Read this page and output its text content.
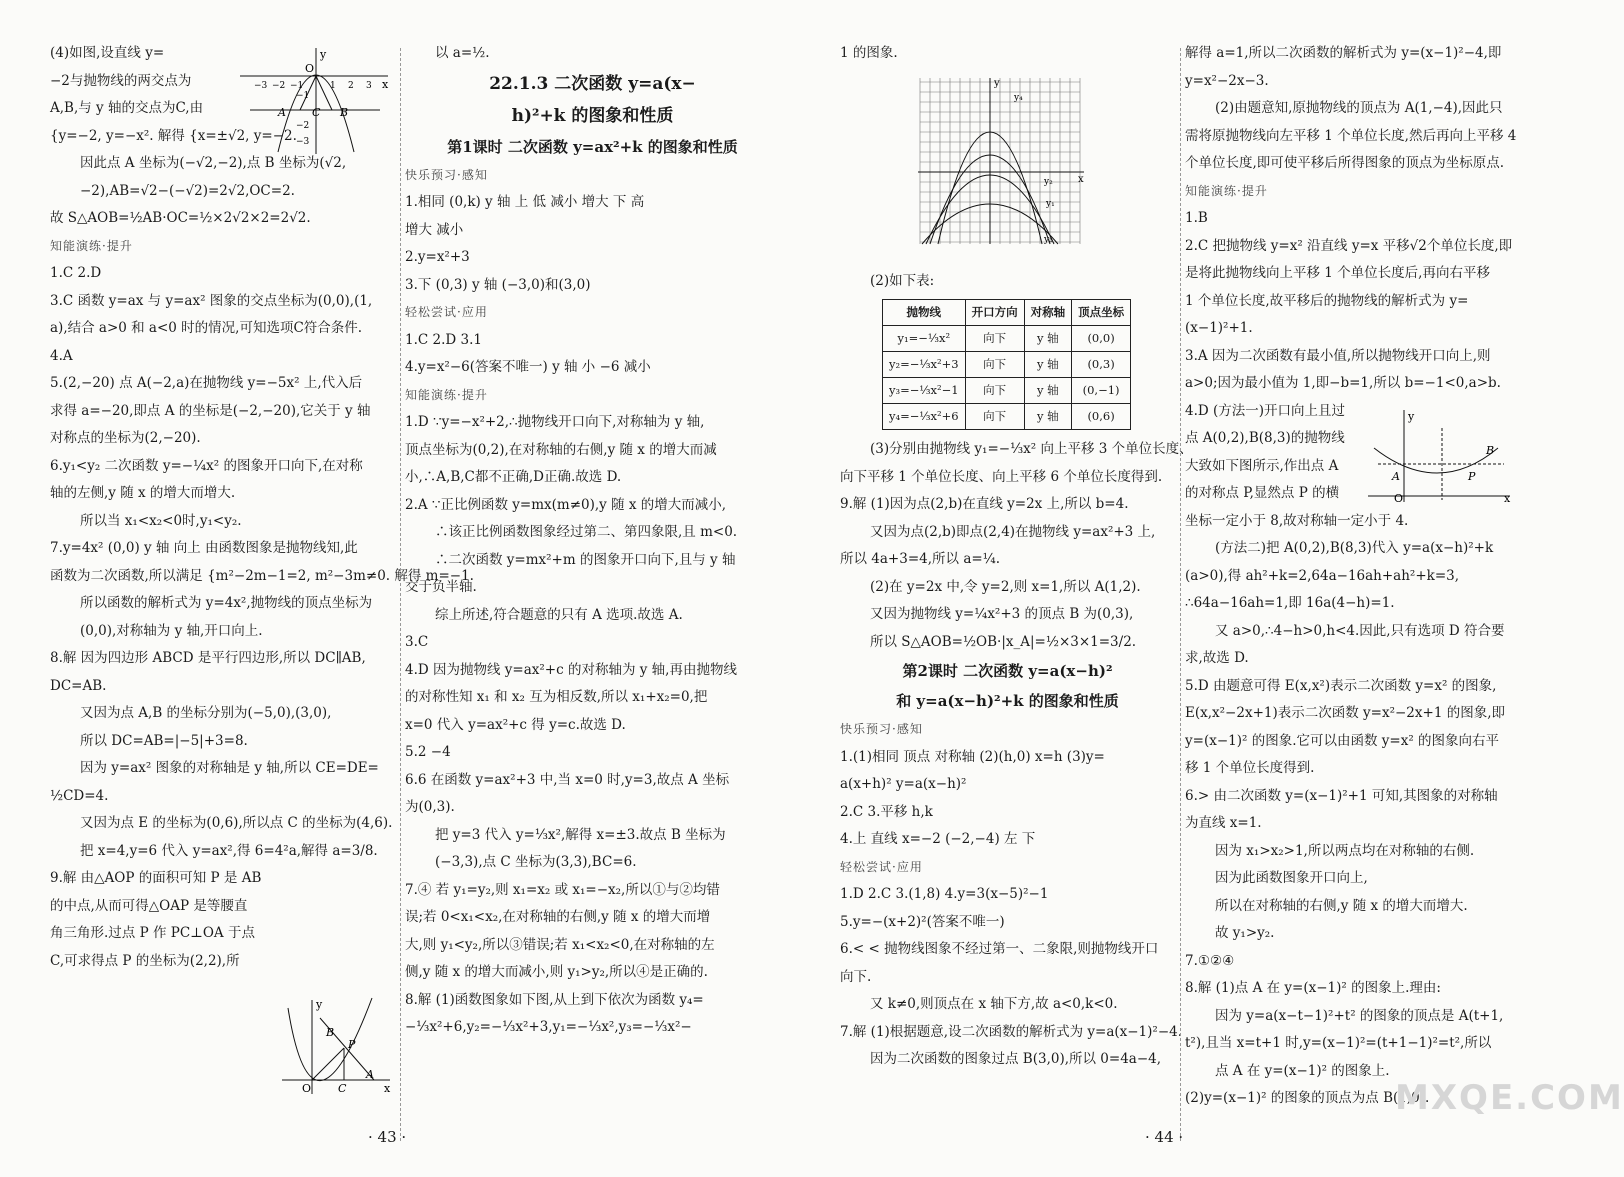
(4)如图,设直线 y=

−2与抛物线的两交点为

A,B,与 y 轴的交点为C,由

{y=−2, y=−x². 解得 {x=±√2, y=−2.

因此点 A 坐标为(−√2,−2),点 B 坐标为(√2,

−2),AB=√2−(−√2)=2√2,OC=2.

故 S△AOB=½AB·OC=½×2√2×2=2√2.

知能演练·提升

1.C 2.D

3.C 函数 y=ax 与 y=ax² 图象的交点坐标为(0,0),(1,

a),结合 a>0 和 a<0 时的情况,可知选项C符合条件.

4.A

5.(2,−20) 点 A(−2,a)在抛物线 y=−5x² 上,代入后

求得 a=−20,即点 A 的坐标是(−2,−20),它关于 y 轴

对称点的坐标为(2,−20).

6.y₁<y₂ 二次函数 y=−¼x² 的图象开口向下,在对称

轴的左侧,y 随 x 的增大而增大.

所以当 x₁<x₂<0时,y₁<y₂.

7.y=4x² (0,0) y 轴 向上 由函数图象是抛物线知,此

函数为二次函数,所以满足 {m²−2m−1=2, m²−3m≠0. 解得 m=−1.

所以函数的解析式为 y=4x²,抛物线的顶点坐标为

(0,0),对称轴为 y 轴,开口向上.

8.解 因为四边形 ABCD 是平行四边形,所以 DC∥AB,

DC=AB.

又因为点 A,B 的坐标分别为(−5,0),(3,0),

所以 DC=AB=|−5|+3=8.

因为 y=ax² 图象的对称轴是 y 轴,所以 CE=DE=

½CD=4.

又因为点 E 的坐标为(0,6),所以点 C 的坐标为(4,6).

把 x=4,y=6 代入 y=ax²,得 6=4²a,解得 a=3/8.

9.解 由△AOP 的面积可知 P 是 AB

的中点,从而可得△OAP 是等腰直

角三角形.过点 P 作 PC⊥OA 于点

C,可求得点 P 的坐标为(2,2),所

以 a=½.

22.1.3 二次函数 y=a(x−

h)²+k 的图象和性质

第1课时 二次函数 y=ax²+k 的图象和性质

快乐预习·感知

1.相同 (0,k) y 轴 上 低 减小 增大 下 高

增大 减小

2.y=x²+3

3.下 (0,3) y 轴 (−3,0)和(3,0)

轻松尝试·应用

1.C 2.D 3.1

4.y=x²−6(答案不唯一) y 轴 小 −6 减小

知能演练·提升

1.D ∵y=−x²+2,∴抛物线开口向下,对称轴为 y 轴,

顶点坐标为(0,2),在对称轴的右侧,y 随 x 的增大而减

小,∴A,B,C都不正确,D正确.故选 D.

2.A ∵正比例函数 y=mx(m≠0),y 随 x 的增大而减小,

∴该正比例函数图象经过第二、第四象限,且 m<0.

∴二次函数 y=mx²+m 的图象开口向下,且与 y 轴

交于负半轴.

综上所述,符合题意的只有 A 选项.故选 A.

3.C

4.D 因为抛物线 y=ax²+c 的对称轴为 y 轴,再由抛物线

的对称性知 x₁ 和 x₂ 互为相反数,所以 x₁+x₂=0,把

x=0 代入 y=ax²+c 得 y=c.故选 D.

5.2 −4

6.6 在函数 y=ax²+3 中,当 x=0 时,y=3,故点 A 坐标

为(0,3).

把 y=3 代入 y=⅓x²,解得 x=±3.故点 B 坐标为

(−3,3),点 C 坐标为(3,3),BC=6.

7.④ 若 y₁=y₂,则 x₁=x₂ 或 x₁=−x₂,所以①与②均错

误;若 0<x₁<x₂,在对称轴的右侧,y 随 x 的增大而增

大,则 y₁<y₂,所以③错误;若 x₁<x₂<0,在对称轴的左

侧,y 随 x 的增大而减小,则 y₁>y₂,所以④是正确的.

8.解 (1)函数图象如下图,从上到下依次为函数 y₄=

−⅓x²+6,y₂=−⅓x²+3,y₁=−⅓x²,y₃=−⅓x²−

y
x
O
−3 −2 −1	1 2 3
−1
−2
−3
A C B
y
x
O
B
P
C
A
· 43 ·

1 的图象.

(2)如下表:

抛物线	开口方向	对称轴	顶点坐标
y₁=−⅓x²	向下	y 轴	(0,0)
y₂=−⅓x²+3	向下	y 轴	(0,3)
y₃=−⅓x²−1	向下	y 轴	(0,−1)
y₄=−⅓x²+6	向下	y 轴	(0,6)

(3)分别由抛物线 y₁=−⅓x² 向上平移 3 个单位长度、

向下平移 1 个单位长度、向上平移 6 个单位长度得到.

9.解 (1)因为点(2,b)在直线 y=2x 上,所以 b=4.

又因为点(2,b)即点(2,4)在抛物线 y=ax²+3 上,

所以 4a+3=4,所以 a=¼.

(2)在 y=2x 中,令 y=2,则 x=1,所以 A(1,2).

又因为抛物线 y=¼x²+3 的顶点 B 为(0,3),

所以 S△AOB=½OB·|x_A|=½×3×1=3/2.

第2课时 二次函数 y=a(x−h)²

和 y=a(x−h)²+k 的图象和性质

快乐预习·感知

1.(1)相同 顶点 对称轴 (2)(h,0) x=h (3)y=

a(x+h)² y=a(x−h)²

2.C 3.平移 h,k

4.上 直线 x=−2 (−2,−4) 左 下

轻松尝试·应用

1.D 2.C 3.(1,8) 4.y=3(x−5)²−1

5.y=−(x+2)²(答案不唯一)

6.< < 抛物线图象不经过第一、二象限,则抛物线开口

向下.

又 k≠0,则顶点在 x 轴下方,故 a<0,k<0.

7.解 (1)根据题意,设二次函数的解析式为 y=a(x−1)²−4.

因为二次函数的图象过点 B(3,0),所以 0=4a−4,

解得 a=1,所以二次函数的解析式为 y=(x−1)²−4,即

y=x²−2x−3.

(2)由题意知,原抛物线的顶点为 A(1,−4),因此只

需将原抛物线向左平移 1 个单位长度,然后再向上平移 4

个单位长度,即可使平移后所得图象的顶点为坐标原点.

知能演练·提升

1.B

2.C 把抛物线 y=x² 沿直线 y=x 平移√2个单位长度,即

是将此抛物线向上平移 1 个单位长度后,再向右平移

1 个单位长度,故平移后的抛物线的解析式为 y=

(x−1)²+1.

3.A 因为二次函数有最小值,所以抛物线开口向上,则

a>0;因为最小值为 1,即−b=1,所以 b=−1<0,a>b.

4.D (方法一)开口向上且过

点 A(0,2),B(8,3)的抛物线

大致如下图所示,作出点 A

的对称点 P,显然点 P 的横

坐标一定小于 8,故对称轴一定小于 4.

(方法二)把 A(0,2),B(8,3)代入 y=a(x−h)²+k

(a>0),得 ah²+k=2,64a−16ah+ah²+k=3,

∴64a−16ah=1,即 16a(4−h)=1.

又 a>0,∴4−h>0,h<4.因此,只有选项 D 符合要

求,故选 D.

5.D 由题意可得 E(x,x²)表示二次函数 y=x² 的图象,

E(x,x²−2x+1)表示二次函数 y=x²−2x+1 的图象,即

y=(x−1)² 的图象.它可以由函数 y=x² 的图象向右平

移 1 个单位长度得到.

6.> 由二次函数 y=(x−1)²+1 可知,其图象的对称轴

为直线 x=1.

因为 x₁>x₂>1,所以两点均在对称轴的右侧.

因为此函数图象开口向上,

所以在对称轴的右侧,y 随 x 的增大而增大.

故 y₁>y₂.

7.①②④

8.解 (1)点 A 在 y=(x−1)² 的图象上.理由:

因为 y=a(x−t−1)²+t² 的图象的顶点是 A(t+1,

t²),且当 x=t+1 时,y=(x−1)²=(t+1−1)²=t²,所以

点 A 在 y=(x−1)² 的图象上.

(2)y=(x−1)² 的图象的顶点为点 B(1,0).

y
x
y₂
y₁
y₃
y₄
y
x
O
A
B
P
· 44 ·
MXQE.COM
